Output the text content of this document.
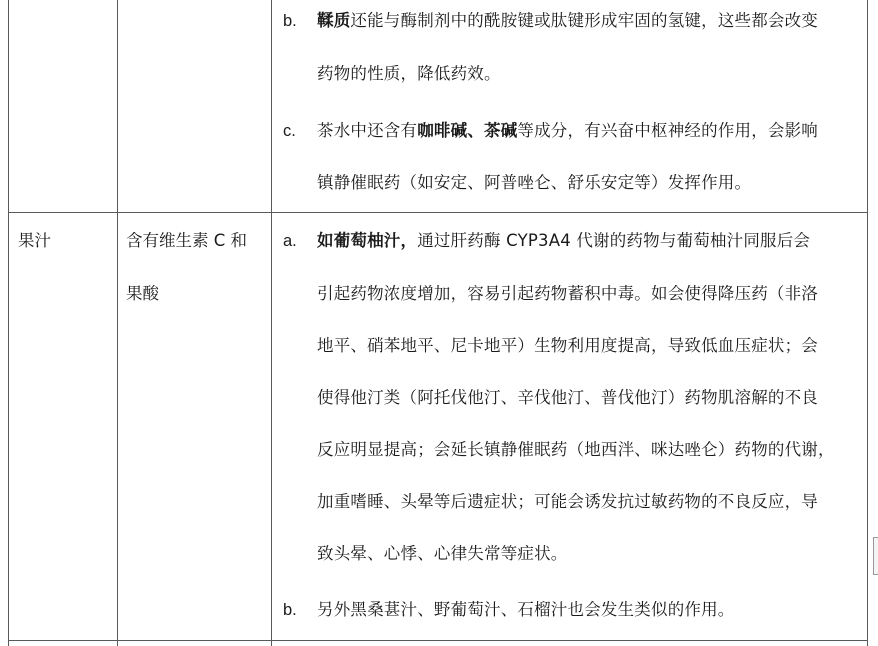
b. 鞣质还能与酶制剂中的酰胺键或肽键形成牢固的氢键，这些都会改变
药物的性质，降低药效。
c. 茶水中还含有咖啡碱、茶碱等成分，有兴奋中枢神经的作用，会影响
镇静催眠药（如安定、阿普唑仑、舒乐安定等）发挥作用。
果汁	含有维生素 C 和
果酸
a. 如葡萄柚汁，通过肝药酶 CYP3A4 代谢的药物与葡萄柚汁同服后会
引起药物浓度增加，容易引起药物蓄积中毒。如会使得降压药（非洛
地平、硝苯地平、尼卡地平）生物利用度提高，导致低血压症状；会
使得他汀类（阿托伐他汀、辛伐他汀、普伐他汀）药物肌溶解的不良
反应明显提高；会延长镇静催眠药（地西泮、咪达唑仑）药物的代谢，
加重嗜睡、头晕等后遗症状；可能会诱发抗过敏药物的不良反应，导
致头晕、心悸、心律失常等症状。
b. 另外黑桑葚汁、野葡萄汁、石榴汁也会发生类似的作用。
